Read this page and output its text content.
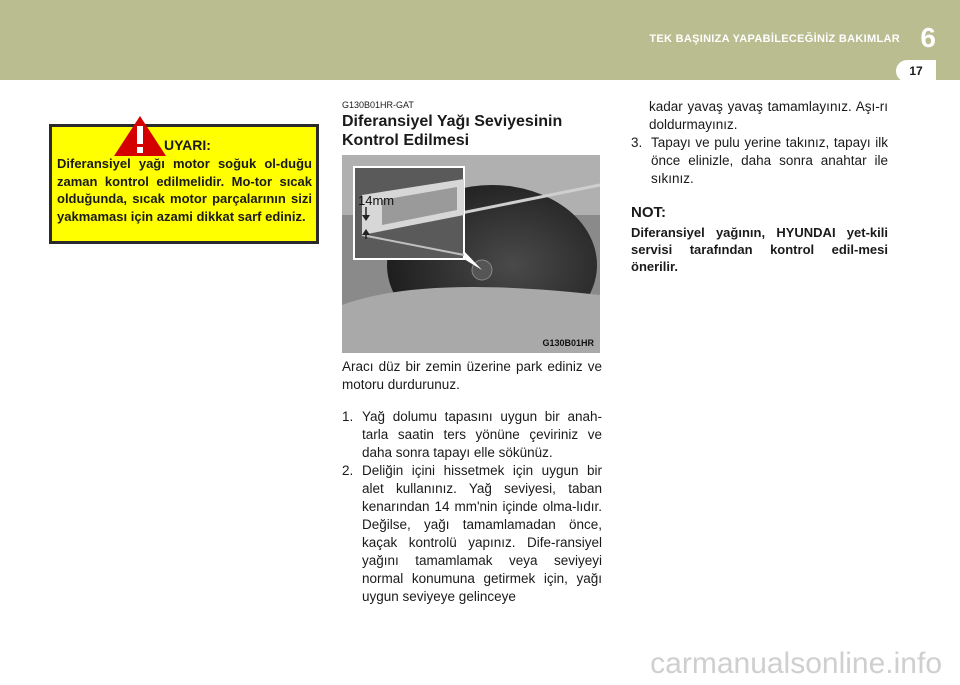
TEK BAŞINIZA YAPABİLECEĞİNİZ BAKIMLAR 6
17
UYARI:
Diferansiyel yağı motor soğuk ol-duğu zaman kontrol edilmelidir. Mo-tor sıcak olduğunda, sıcak motor parçalarının sizi yakmaması için azami dikkat sarf ediniz.
G130B01HR-GAT
Diferansiyel Yağı Seviyesinin
Kontrol Edilmesi
14mm
G130B01HR
Aracı düz bir zemin üzerine park ediniz ve motoru durdurunuz.
1. Yağ dolumu tapasını uygun bir anah-tarla saatin ters yönüne çeviriniz ve daha sonra tapayı elle sökünüz.
2. Deliğin içini hissetmek için uygun bir alet kullanınız. Yağ seviyesi, taban kenarından 14 mm'nin içinde olma-lıdır. Değilse, yağı tamamlamadan önce, kaçak kontrolü yapınız. Dife-ransiyel yağını tamamlamak veya seviyeyi normal konumuna getirmek için, yağı uygun seviyeye gelinceye
kadar yavaş yavaş tamamlayınız. Aşı-rı doldurmayınız.
3. Tapayı ve pulu yerine takınız, tapayı ilk önce elinizle, daha sonra anahtar ile sıkınız.
NOT:
Diferansiyel yağının, HYUNDAI yet-kili servisi tarafından kontrol edil-mesi önerilir.
carmanualsonline.info
